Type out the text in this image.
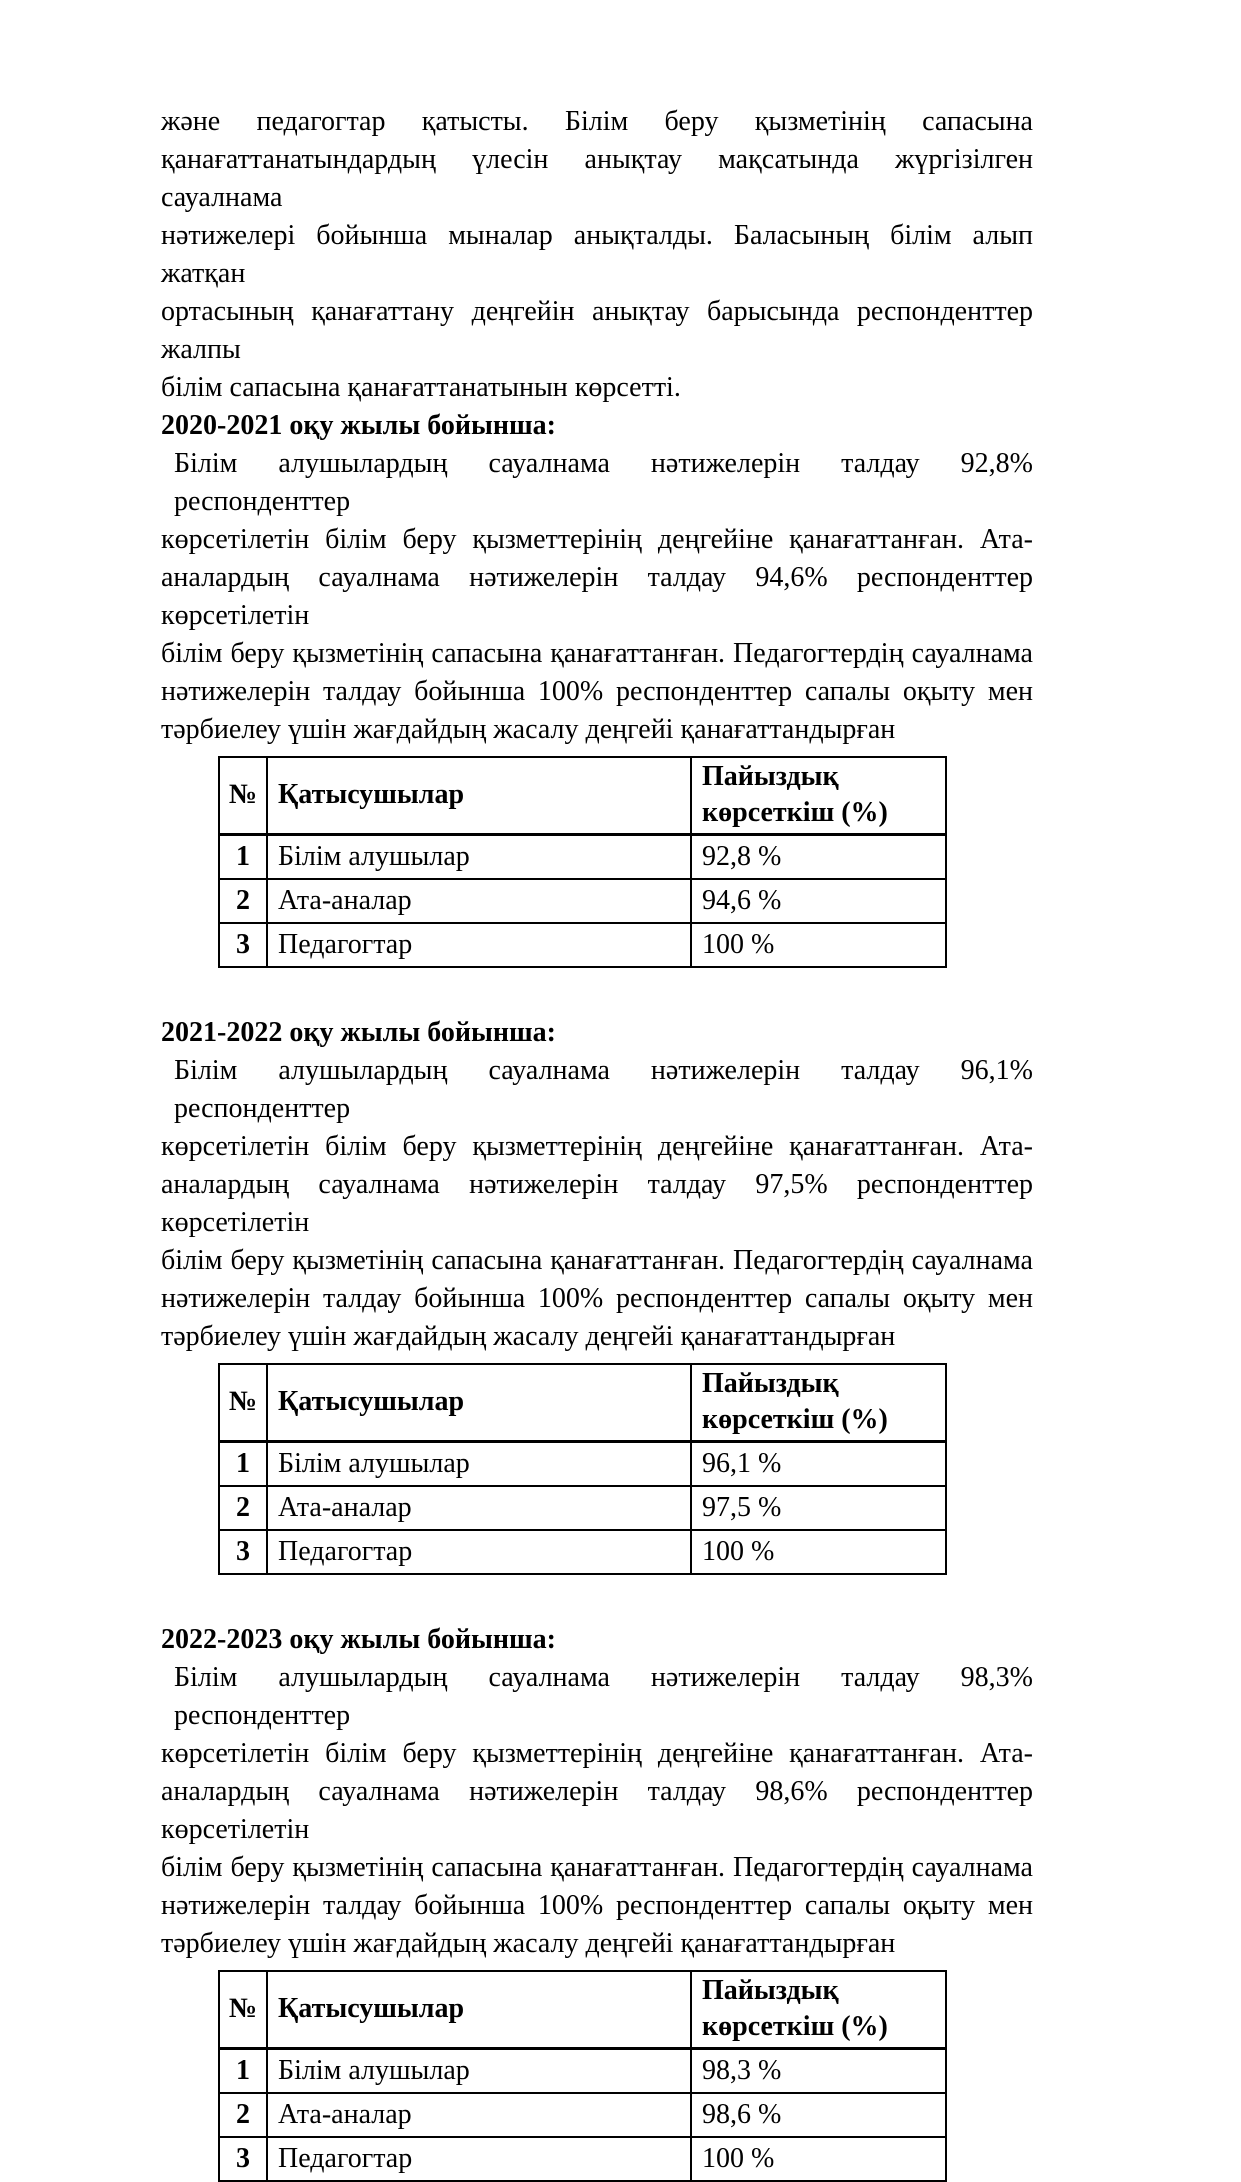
және педагогтар қатысты. Білім беру қызметінің сапасына
қанағаттанатындардың үлесін анықтау мақсатында жүргізілген сауалнама
нәтижелері бойынша мыналар анықталды. Баласының білім алып жатқан
ортасының қанағаттану деңгейін анықтау барысында респонденттер жалпы
білім сапасына қанағаттанатынын көрсетті.
2020-2021 оқу жылы бойынша:
Білім алушылардың сауалнама нәтижелерін талдау 92,8% респонденттер
көрсетілетін білім беру қызметтерінің деңгейіне қанағаттанған. Ата-
аналардың сауалнама нәтижелерін талдау 94,6% респонденттер көрсетілетін
білім беру қызметінің сапасына қанағаттанған. Педагогтердің сауалнама
нәтижелерін талдау бойынша 100% респонденттер сапалы оқыту мен
тәрбиелеу үшін жағдайдың жасалу деңгейі қанағаттандырған
№	Қатысушылар	Пайыздық көрсеткіш (%)
1	Білім алушылар	92,8 %
2	Ата-аналар	94,6 %
3	Педагогтар	100 %
2021-2022 оқу жылы бойынша:
Білім алушылардың сауалнама нәтижелерін талдау 96,1% респонденттер
көрсетілетін білім беру қызметтерінің деңгейіне қанағаттанған. Ата-
аналардың сауалнама нәтижелерін талдау 97,5% респонденттер көрсетілетін
білім беру қызметінің сапасына қанағаттанған. Педагогтердің сауалнама
нәтижелерін талдау бойынша 100% респонденттер сапалы оқыту мен
тәрбиелеу үшін жағдайдың жасалу деңгейі қанағаттандырған
№	Қатысушылар	Пайыздық көрсеткіш (%)
1	Білім алушылар	96,1 %
2	Ата-аналар	97,5 %
3	Педагогтар	100 %
2022-2023 оқу жылы бойынша:
Білім алушылардың сауалнама нәтижелерін талдау 98,3% респонденттер
көрсетілетін білім беру қызметтерінің деңгейіне қанағаттанған. Ата-
аналардың сауалнама нәтижелерін талдау 98,6% респонденттер көрсетілетін
білім беру қызметінің сапасына қанағаттанған. Педагогтердің сауалнама
нәтижелерін талдау бойынша 100% респонденттер сапалы оқыту мен
тәрбиелеу үшін жағдайдың жасалу деңгейі қанағаттандырған
№	Қатысушылар	Пайыздық көрсеткіш (%)
1	Білім алушылар	98,3 %
2	Ата-аналар	98,6 %
3	Педагогтар	100 %
